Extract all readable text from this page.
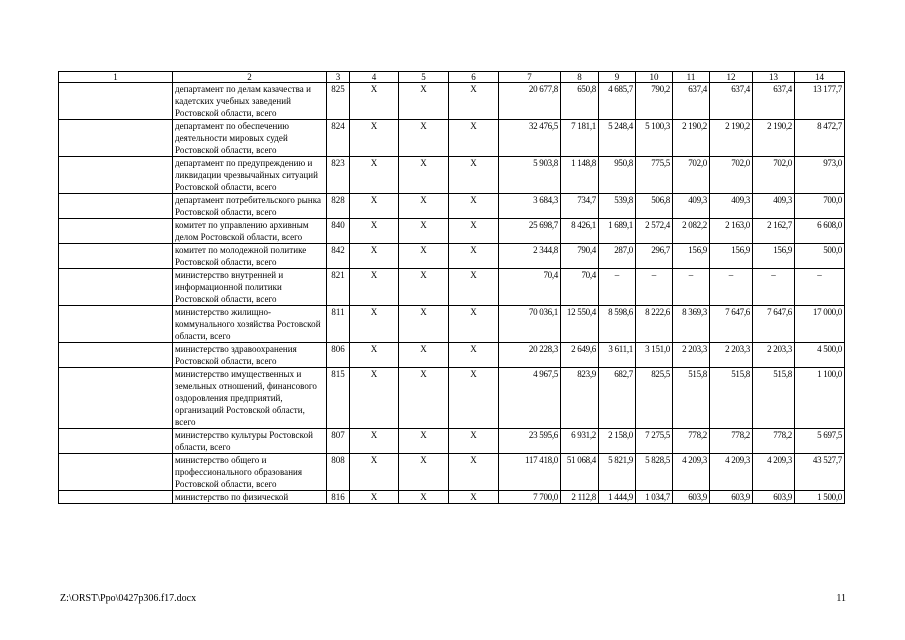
1	2	3	4	5	6	7	8	9	10	11	12	13	14
	департамент по делам казачества и кадетских учебных заведений Ростовской области, всего	825	Х	Х	Х	20 677,8	650,8	4 685,7	790,2	637,4	637,4	637,4	13 177,7
	департамент по обеспечению деятельности мировых судей Ростовской области, всего	824	Х	Х	Х	32 476,5	7 181,1	5 248,4	5 100,3	2 190,2	2 190,2	2 190,2	8 472,7
	департамент по предупреждению и ликвидации чрезвычайных ситуаций Ростовской области, всего	823	Х	Х	Х	5 903,8	1 148,8	950,8	775,5	702,0	702,0	702,0	973,0
	департамент потребительского рынка Ростовской области, всего	828	Х	Х	Х	3 684,3	734,7	539,8	506,8	409,3	409,3	409,3	700,0
	комитет по управлению архивным делом Ростовской области, всего	840	Х	Х	Х	25 698,7	8 426,1	1 689,1	2 572,4	2 082,2	2 163,0	2 162,7	6 608,0
	комитет по молодежной политике Ростовской области, всего	842	Х	Х	Х	2 344,8	790,4	287,0	296,7	156,9	156,9	156,9	500,0
	министерство внутренней и информационной политики Ростовской области, всего	821	Х	Х	Х	70,4	70,4	–	–	–	–	–	–
	министерство жилищно-коммунального хозяйства Ростовской области, всего	811	Х	Х	Х	70 036,1	12 550,4	8 598,6	8 222,6	8 369,3	7 647,6	7 647,6	17 000,0
	министерство здравоохранения Ростовской области, всего	806	Х	Х	Х	20 228,3	2 649,6	3 611,1	3 151,0	2 203,3	2 203,3	2 203,3	4 500,0
	министерство имущественных и земельных отношений, финансового оздоровления предприятий, организаций Ростовской области, всего	815	Х	Х	Х	4 967,5	823,9	682,7	825,5	515,8	515,8	515,8	1 100,0
	министерство культуры Ростовской области, всего	807	Х	Х	Х	23 595,6	6 931,2	2 158,0	7 275,5	778,2	778,2	778,2	5 697,5
	министерство общего и профессионального образования Ростовской области, всего	808	Х	Х	Х	117 418,0	51 068,4	5 821,9	5 828,5	4 209,3	4 209,3	4 209,3	43 527,7
	министерство по физической	816	Х	Х	Х	7 700,0	2 112,8	1 444,9	1 034,7	603,9	603,9	603,9	1 500,0
Z:\ORST\Ppo\0427p306.f17.docx	11
